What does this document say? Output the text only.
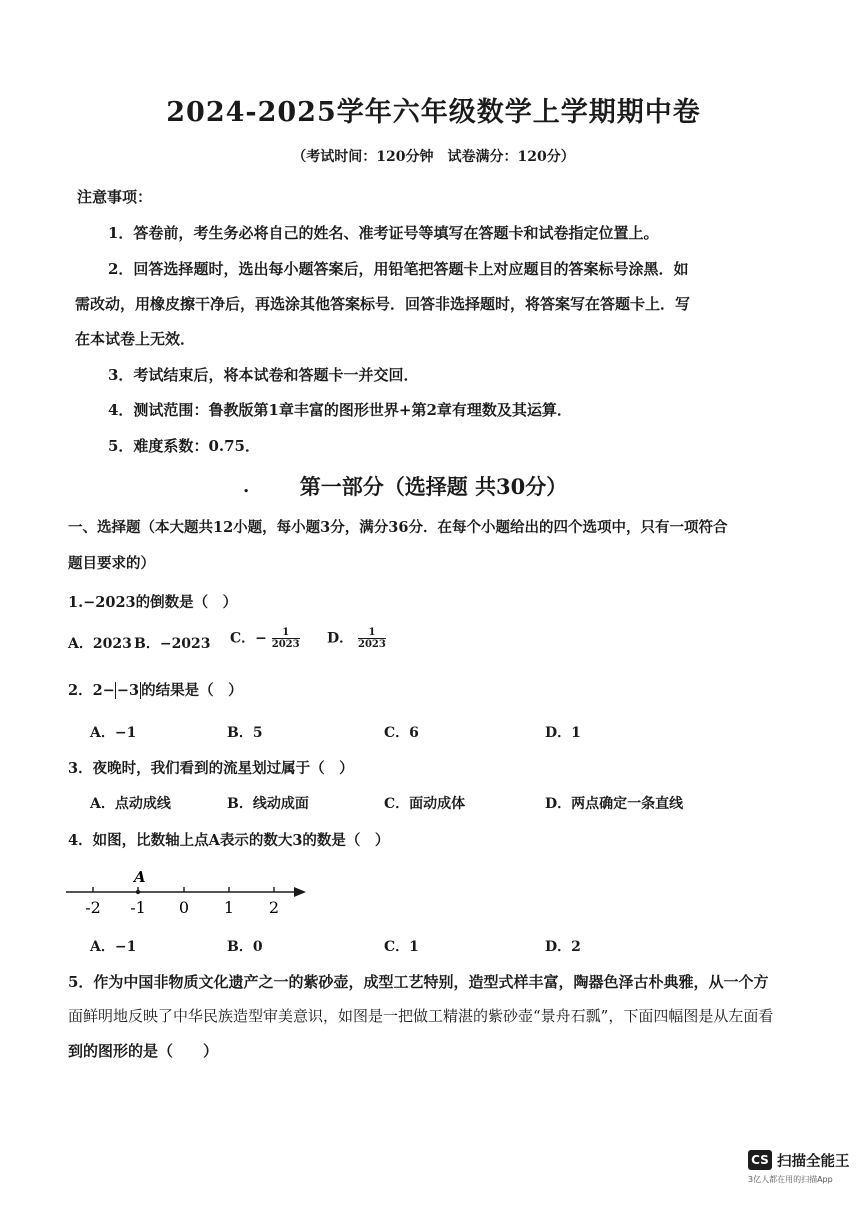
2024-2025学年六年级数学上学期期中卷
（考试时间：120分钟　试卷满分：120分）
注意事项：
1．答卷前，考生务必将自己的姓名、准考证号等填写在答题卡和试卷指定位置上。
2．回答选择题时，选出每小题答案后，用铅笔把答题卡上对应题目的答案标号涂黑．如
需改动，用橡皮擦干净后，再选涂其他答案标号．回答非选择题时，将答案写在答题卡上．写
在本试卷上无效．
3．考试结束后，将本试卷和答题卡一并交回．
4．测试范围：鲁教版第1章丰富的图形世界+第2章有理数及其运算．
5．难度系数：0.75．
.	第一部分（选择题 共30分）
一、选择题（本大题共12小题，每小题3分，满分36分．在每个小题给出的四个选项中，只有一项符合
题目要求的）
1.−2023的倒数是（　）
A．2023 B．−2023 C．− $\frac{1}{2023}$ D． $\frac{1}{2023}$
2．2− −3 的结果是（　）
A．−1	B．5	C．6	D．1
3．夜晚时，我们看到的流星划过属于（　）
A．点动成线	B．线动成面	C．面动成体	D．两点确定一条直线
4．如图，比数轴上点A表示的数大3的数是（　）
A
-2 -1 0 1 2
A．−1	B．0	C．1	D．2
5．作为中国非物质文化遗产之一的紫砂壶，成型工艺特别，造型式样丰富，陶器色泽古朴典雅，从一个方
面鲜明地反映了中华民族造型审美意识，如图是一把做工精湛的紫砂壶“景舟石瓢”，下面四幅图是从左面看
到的图形的是（　　）
CS 扫描全能王
3亿人都在用的扫描App
